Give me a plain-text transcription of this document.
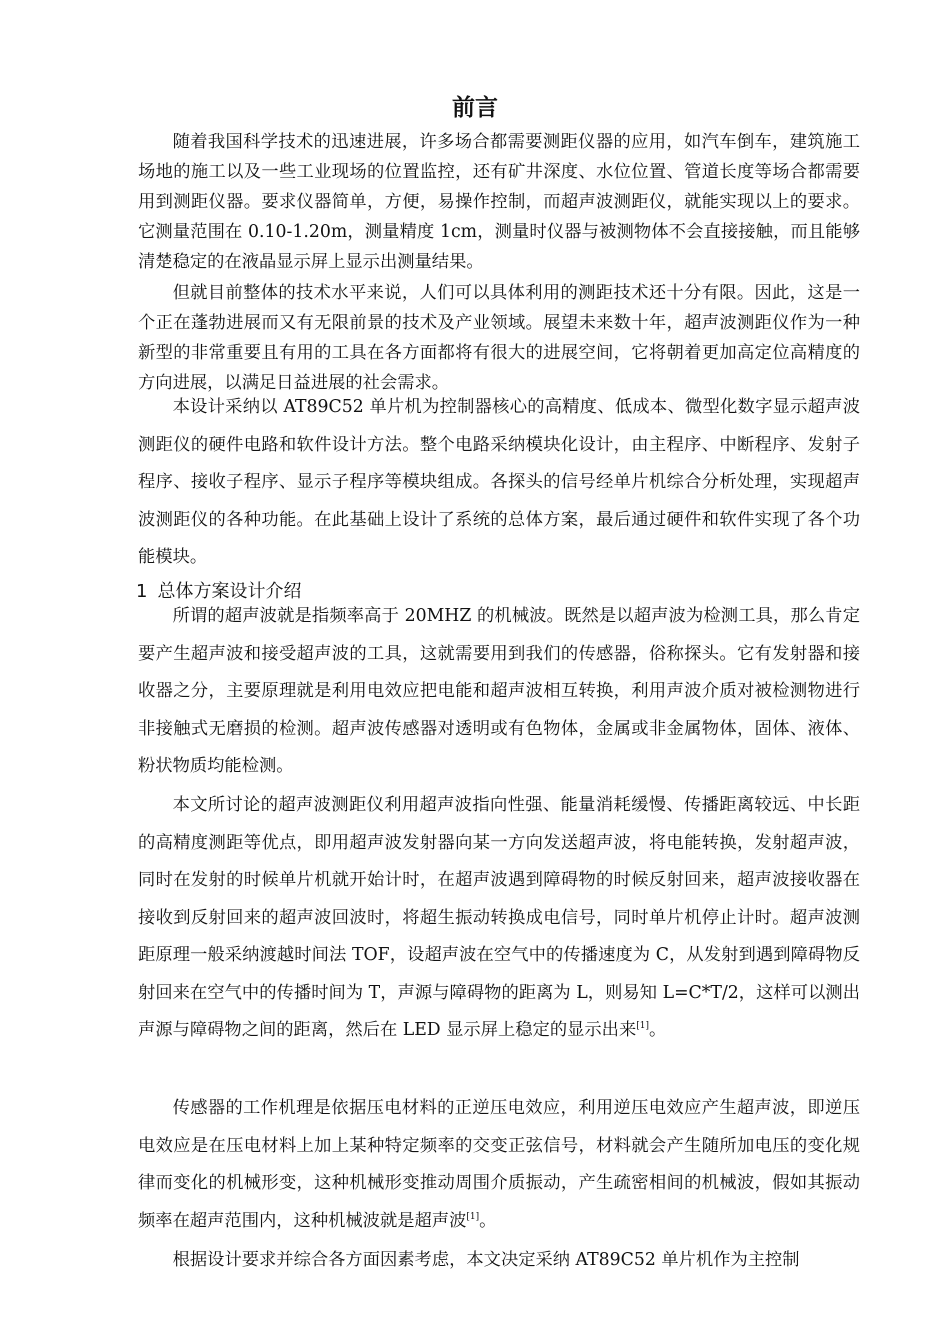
前言

随着我国科学技术的迅速进展，许多场合都需要测距仪器的应用，如汽车倒车，建筑施工场地的施工以及一些工业现场的位置监控，还有矿井深度、水位位置、管道长度等场合都需要用到测距仪器。要求仪器简单，方便，易操作控制，而超声波测距仪，就能实现以上的要求。它测量范围在 0.10-1.20m，测量精度 1cm，测量时仪器与被测物体不会直接接触，而且能够清楚稳定的在液晶显示屏上显示出测量结果。

但就目前整体的技术水平来说，人们可以具体利用的测距技术还十分有限。因此，这是一个正在蓬勃进展而又有无限前景的技术及产业领域。展望未来数十年，超声波测距仪作为一种新型的非常重要且有用的工具在各方面都将有很大的进展空间，它将朝着更加高定位高精度的方向进展，以满足日益进展的社会需求。

本设计采纳以 AT89C52 单片机为控制器核心的高精度、低成本、微型化数字显示超声波测距仪的硬件电路和软件设计方法。整个电路采纳模块化设计，由主程序、中断程序、发射子程序、接收子程序、显示子程序等模块组成。各探头的信号经单片机综合分析处理，实现超声波测距仪的各种功能。在此基础上设计了系统的总体方案，最后通过硬件和软件实现了各个功能模块。

1 总体方案设计介绍

所谓的超声波就是指频率高于 20MHZ 的机械波。既然是以超声波为检测工具，那么肯定要产生超声波和接受超声波的工具，这就需要用到我们的传感器，俗称探头。它有发射器和接收器之分，主要原理就是利用电效应把电能和超声波相互转换，利用声波介质对被检测物进行非接触式无磨损的检测。超声波传感器对透明或有色物体，金属或非金属物体，固体、液体、粉状物质均能检测。

本文所讨论的超声波测距仪利用超声波指向性强、能量消耗缓慢、传播距离较远、中长距的高精度测距等优点，即用超声波发射器向某一方向发送超声波，将电能转换，发射超声波，同时在发射的时候单片机就开始计时，在超声波遇到障碍物的时候反射回来，超声波接收器在接收到反射回来的超声波回波时，将超生振动转换成电信号，同时单片机停止计时。超声波测距原理一般采纳渡越时间法 TOF，设超声波在空气中的传播速度为 C，从发射到遇到障碍物反射回来在空气中的传播时间为 T，声源与障碍物的距离为 L，则易知 L=C*T/2，这样可以测出声源与障碍物之间的距离，然后在 LED 显示屏上稳定的显示出来[1]。

传感器的工作机理是依据压电材料的正逆压电效应，利用逆压电效应产生超声波，即逆压电效应是在压电材料上加上某种特定频率的交变正弦信号，材料就会产生随所加电压的变化规律而变化的机械形变，这种机械形变推动周围介质振动，产生疏密相间的机械波，假如其振动频率在超声范围内，这种机械波就是超声波[1]。

根据设计要求并综合各方面因素考虑，本文决定采纳 AT89C52 单片机作为主控制
